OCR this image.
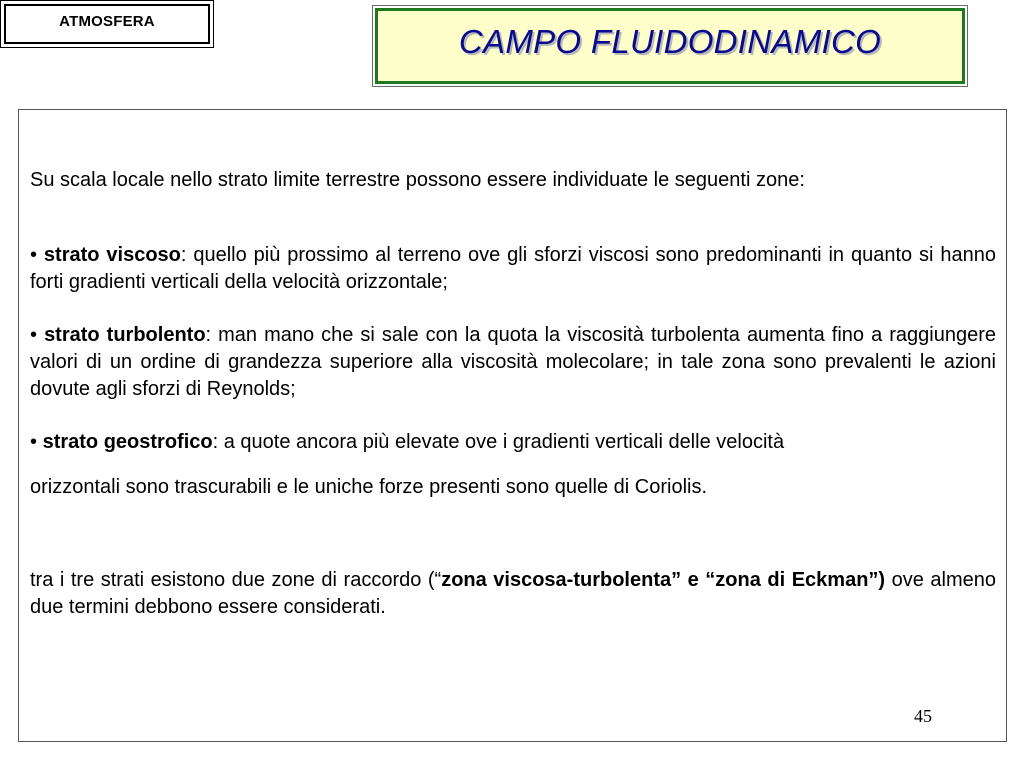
ATMOSFERA
CAMPO FLUIDODINAMICO

Su scala locale nello strato limite terrestre possono essere individuate le seguenti zone:

• strato viscoso: quello più prossimo al terreno ove gli sforzi viscosi sono predominanti in quanto si hanno forti gradienti verticali della velocità orizzontale;

• strato turbolento: man mano che si sale con la quota la viscosità turbolenta aumenta fino a raggiungere valori di un ordine di grandezza superiore alla viscosità molecolare; in tale zona sono prevalenti le azioni dovute agli sforzi di Reynolds;

• strato geostrofico: a quote ancora più elevate ove i gradienti verticali delle velocità

orizzontali sono trascurabili e le uniche forze presenti sono quelle di Coriolis.

tra i tre strati esistono due zone di raccordo (“zona viscosa-turbolenta” e “zona di Eckman”) ove almeno due termini debbono essere considerati.

45
